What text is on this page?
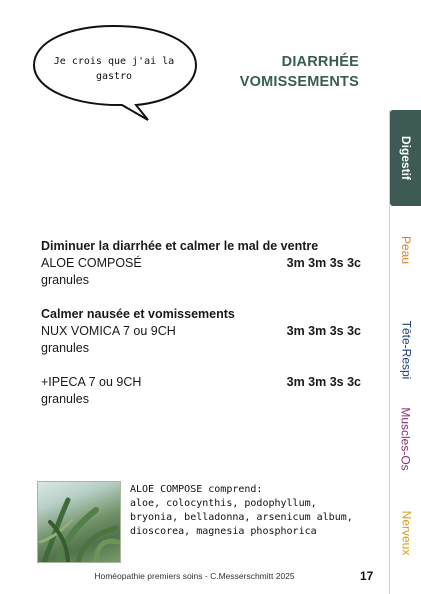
Je crois que j'ai la gastro
DIARRHÉE
VOMISSEMENTS
Digestif
Peau
Tête-Respi
Muscles-Os
Nerveux
Diminuer la diarrhée et calmer le mal de ventre
ALOE COMPOSÉ	3m 3m 3s 3c
granules
Calmer nausée et vomissements
NUX VOMICA 7 ou 9CH	3m 3m 3s 3c
granules
+IPECA 7 ou 9CH	3m 3m 3s 3c
granules
ALOE COMPOSE comprend:
aloe, colocynthis, podophyllum, bryonia, belladonna, arsenicum album, dioscorea, magnesia phosphorica
Homéopathie premiers soins - C.Messerschmitt 2025	17
